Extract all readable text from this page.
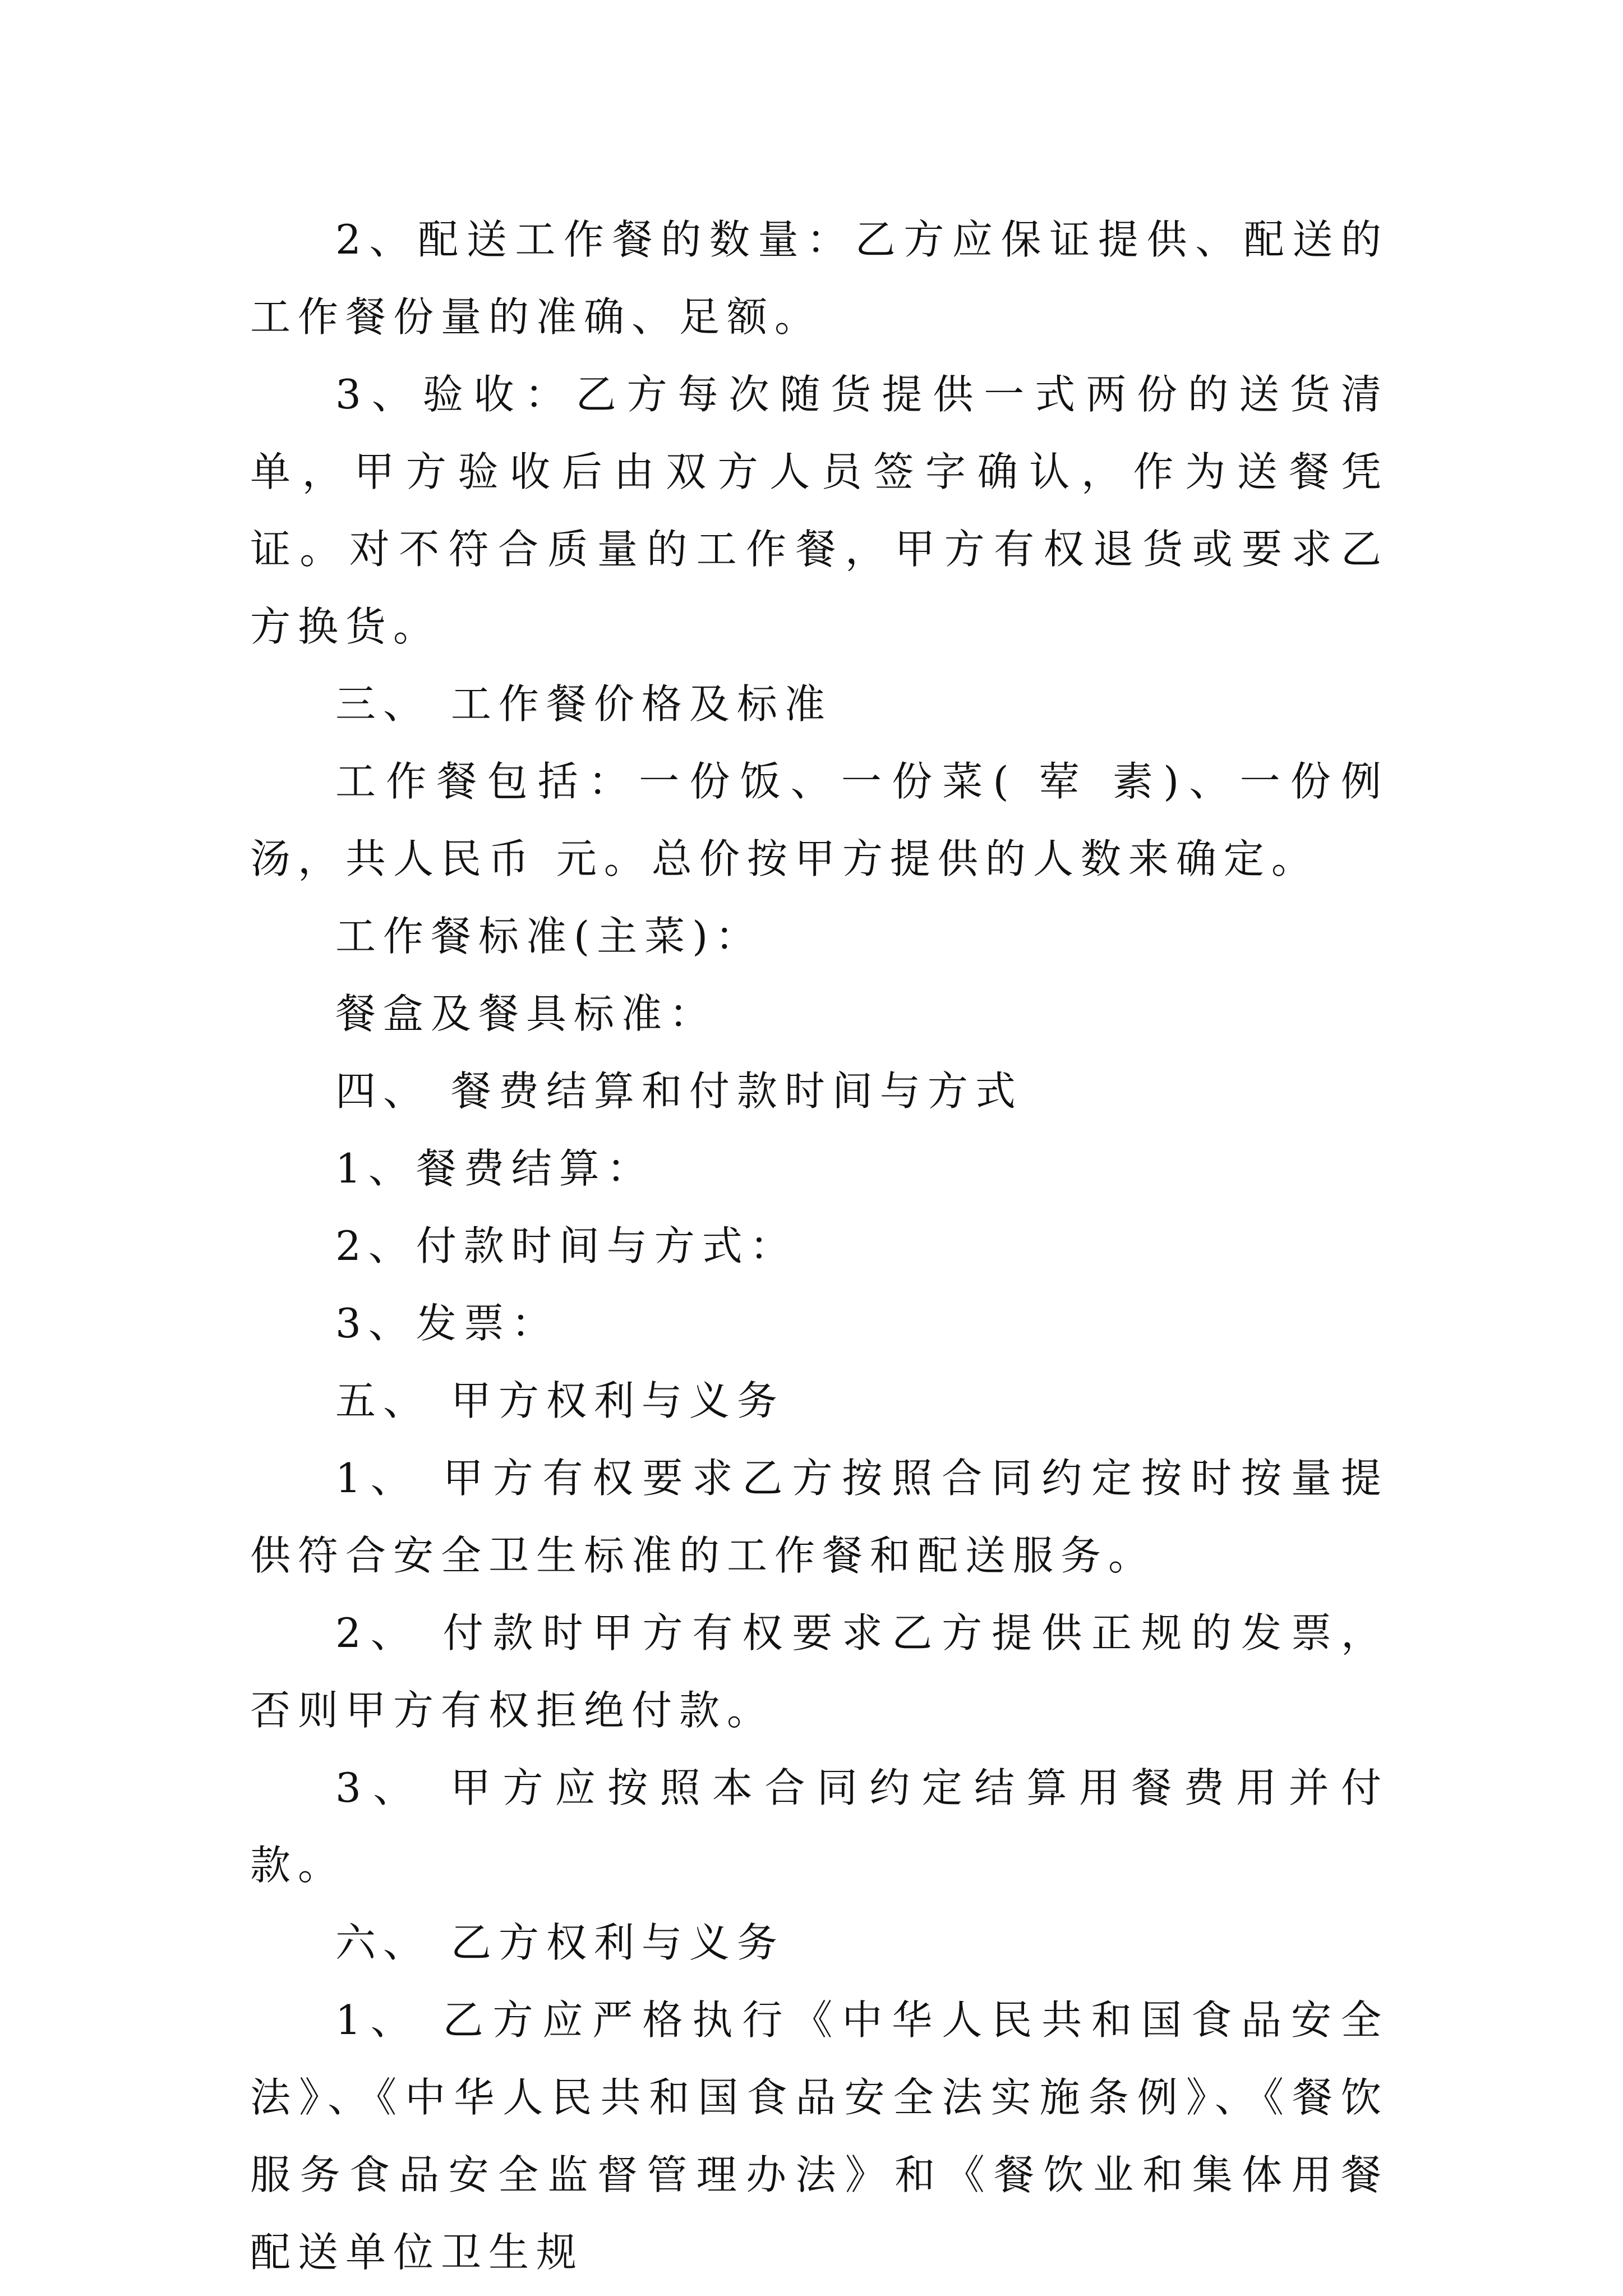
2、配送工作餐的数量：乙方应保证提供、配送的工作餐份量的准确、足额。

3、验收：乙方每次随货提供一式两份的送货清单，甲方验收后由双方人员签字确认，作为送餐凭证。对不符合质量的工作餐，甲方有权退货或要求乙方换货。

三、 工作餐价格及标准

工作餐包括：一份饭、一份菜( 荤 素)、一份例汤，共人民币 元。总价按甲方提供的人数来确定。

工作餐标准(主菜)：

餐盒及餐具标准：

四、 餐费结算和付款时间与方式

1、餐费结算：

2、付款时间与方式：

3、发票：

五、 甲方权利与义务

1、 甲方有权要求乙方按照合同约定按时按量提供符合安全卫生标准的工作餐和配送服务。

2、 付款时甲方有权要求乙方提供正规的发票，否则甲方有权拒绝付款。

3、 甲方应按照本合同约定结算用餐费用并付款。

六、 乙方权利与义务

1、 乙方应严格执行《中华人民共和国食品安全法》、《中华人民共和国食品安全法实施条例》、《餐饮服务食品安全监督管理办法》和《餐饮业和集体用餐配送单位卫生规
